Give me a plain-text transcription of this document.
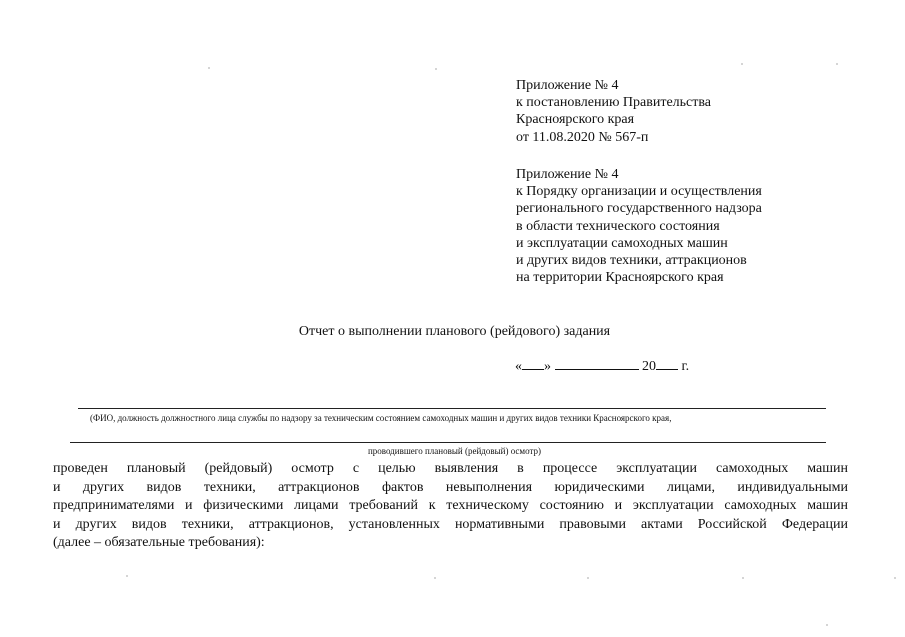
Приложение № 4
к постановлению Правительства
Красноярского края
от 11.08.2020 № 567-п
Приложение № 4
к Порядку организации и осуществления
регионального государственного надзора
в области технического состояния
и эксплуатации самоходных машин
и других видов техники, аттракционов
на территории Красноярского края
Отчет о выполнении планового (рейдового) задания
« »	20 г.
(ФИО, должность должностного лица службы по надзору за техническим состоянием самоходных машин и других видов техники Красноярского края,
проводившего плановый (рейдовый) осмотр)
проведен плановый (рейдовый) осмотр с целью выявления в процессе эксплуатации самоходных машин
и других видов техники, аттракционов фактов невыполнения юридическими лицами, индивидуальными
предпринимателями и физическими лицами требований к техническому состоянию и эксплуатации самоходных машин
и других видов техники, аттракционов, установленных нормативными правовыми актами Российской Федерации
(далее – обязательные требования):
